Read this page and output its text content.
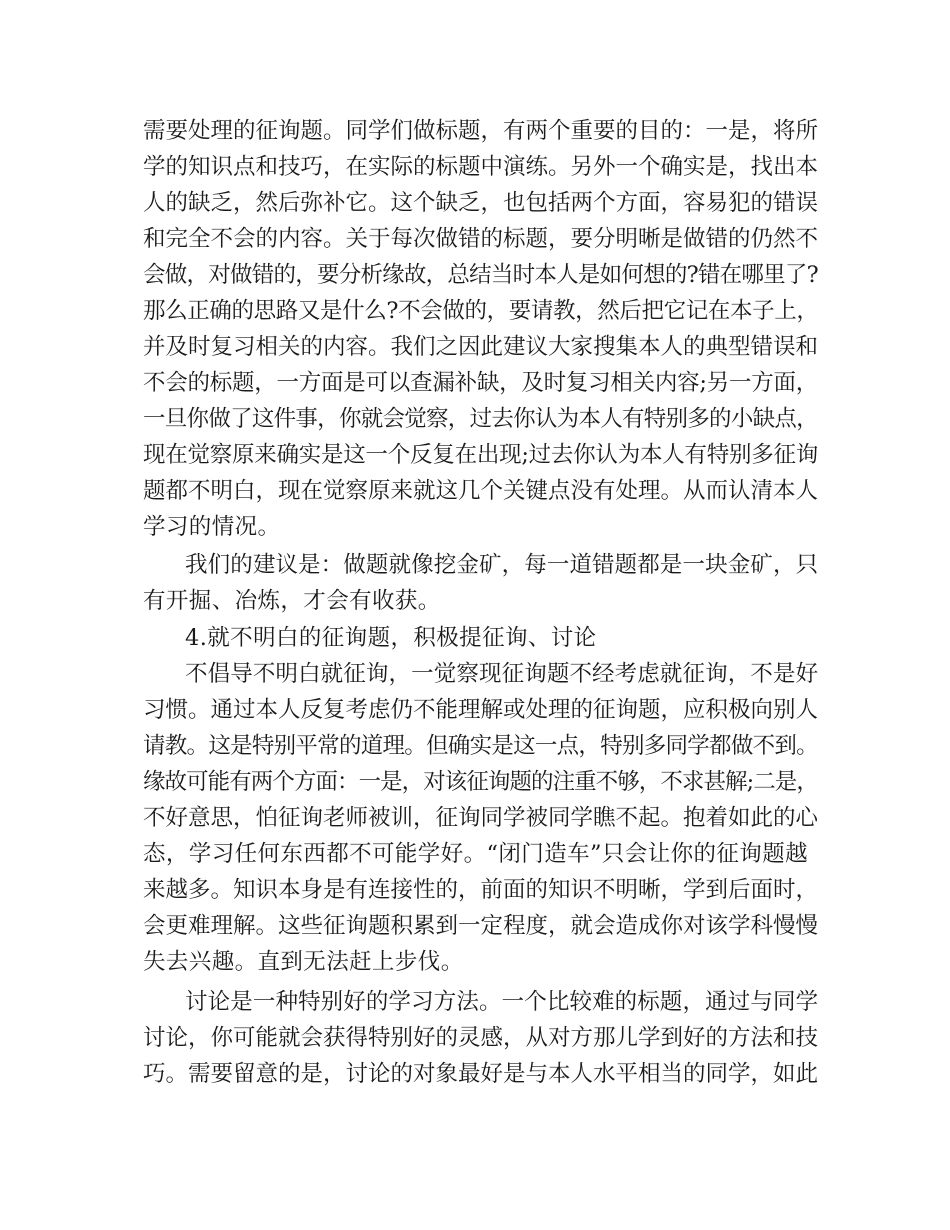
需要处理的征询题。同学们做标题，有两个重要的目的：一是，将所
学的知识点和技巧，在实际的标题中演练。另外一个确实是，找出本
人的缺乏，然后弥补它。这个缺乏，也包括两个方面，容易犯的错误
和完全不会的内容。关于每次做错的标题，要分明晰是做错的仍然不
会做，对做错的，要分析缘故，总结当时本人是如何想的?错在哪里了?
那么正确的思路又是什么?不会做的，要请教，然后把它记在本子上，
并及时复习相关的内容。我们之因此建议大家搜集本人的典型错误和
不会的标题，一方面是可以查漏补缺，及时复习相关内容;另一方面，
一旦你做了这件事，你就会觉察，过去你认为本人有特别多的小缺点，
现在觉察原来确实是这一个反复在出现;过去你认为本人有特别多征询
题都不明白，现在觉察原来就这几个关键点没有处理。从而认清本人
学习的情况。
我们的建议是：做题就像挖金矿，每一道错题都是一块金矿，只
有开掘、冶炼，才会有收获。
4.就不明白的征询题，积极提征询、讨论
不倡导不明白就征询，一觉察现征询题不经考虑就征询，不是好
习惯。通过本人反复考虑仍不能理解或处理的征询题，应积极向别人
请教。这是特别平常的道理。但确实是这一点，特别多同学都做不到。
缘故可能有两个方面：一是，对该征询题的注重不够，不求甚解;二是，
不好意思，怕征询老师被训，征询同学被同学瞧不起。抱着如此的心
态，学习任何东西都不可能学好。“闭门造车”只会让你的征询题越
来越多。知识本身是有连接性的，前面的知识不明晰，学到后面时，
会更难理解。这些征询题积累到一定程度，就会造成你对该学科慢慢
失去兴趣。直到无法赶上步伐。
讨论是一种特别好的学习方法。一个比较难的标题，通过与同学
讨论，你可能就会获得特别好的灵感，从对方那儿学到好的方法和技
巧。需要留意的是，讨论的对象最好是与本人水平相当的同学，如此
